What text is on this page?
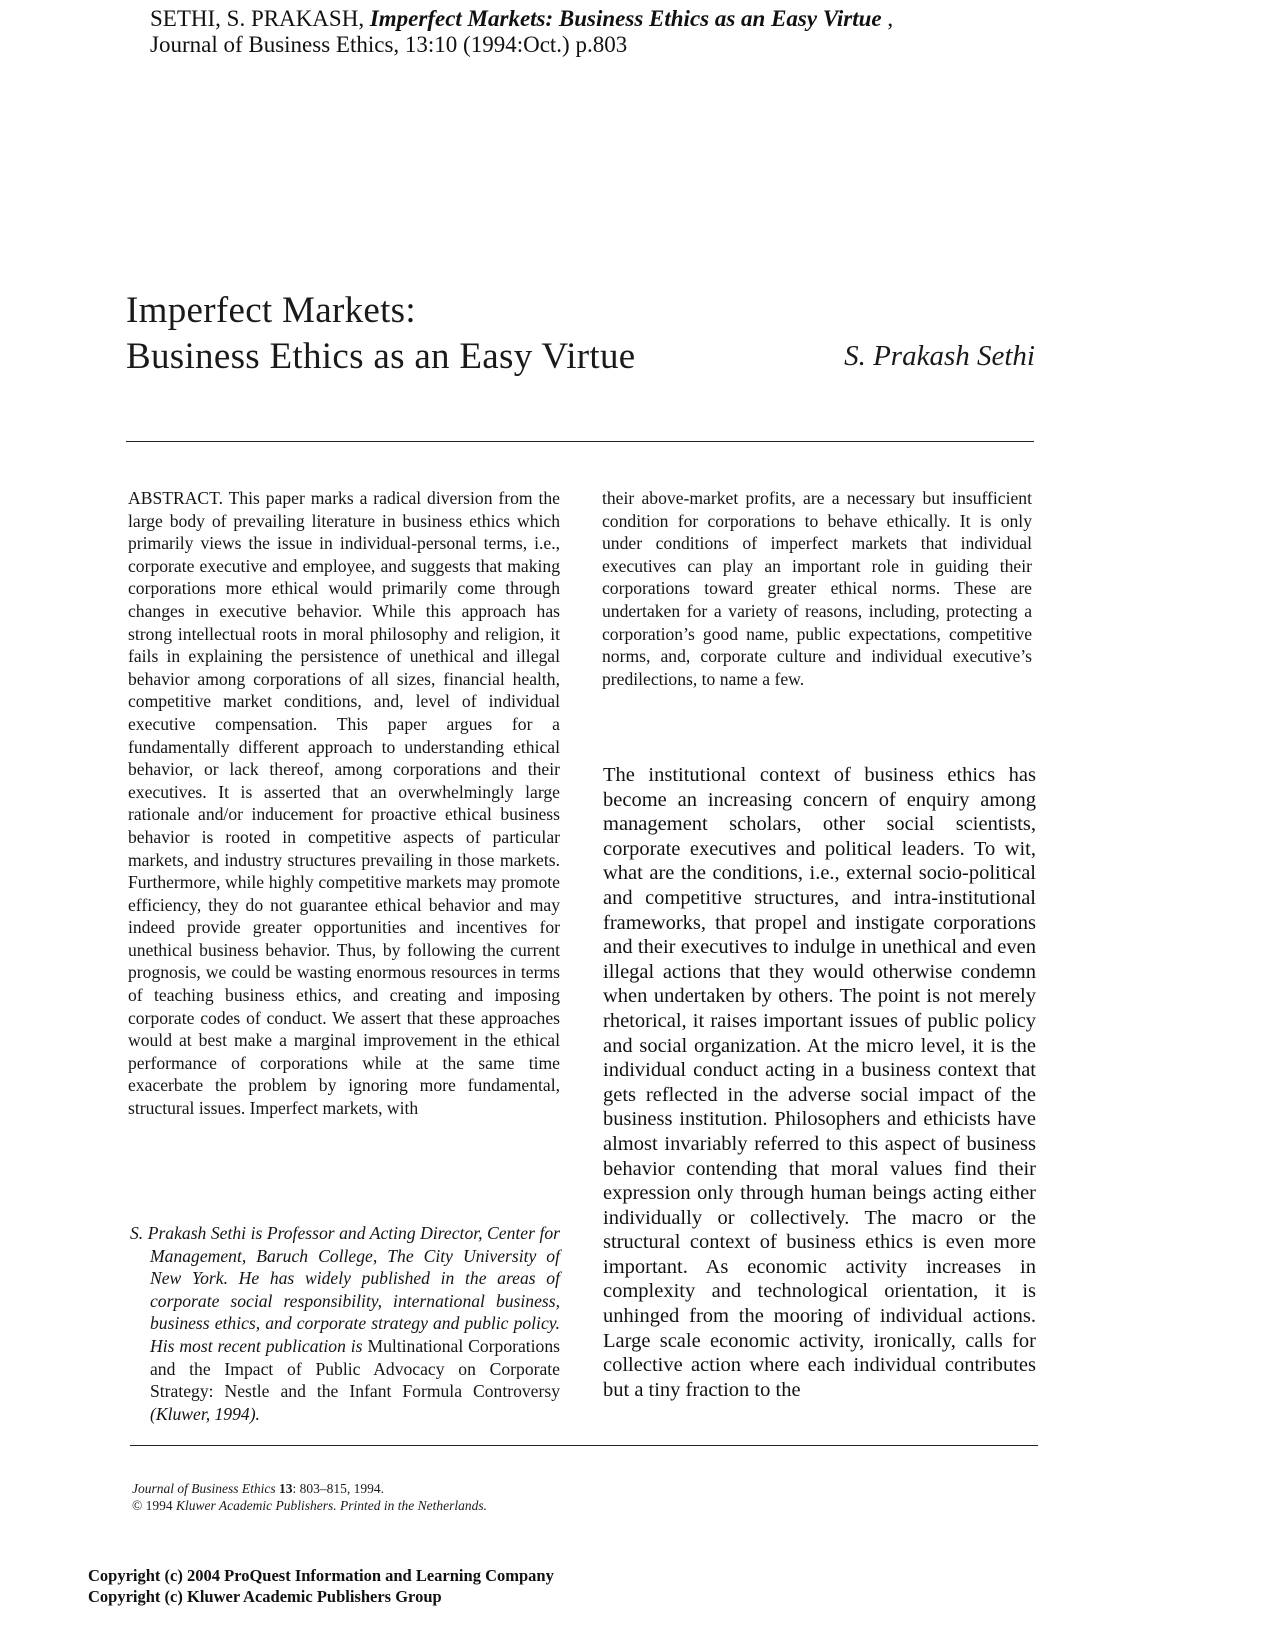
SETHI, S. PRAKASH, Imperfect Markets: Business Ethics as an Easy Virtue ,
Journal of Business Ethics, 13:10 (1994:Oct.) p.803
Imperfect Markets:
Business Ethics as an Easy Virtue	S. Prakash Sethi
ABSTRACT. This paper marks a radical diversion from the large body of prevailing literature in business ethics which primarily views the issue in individual-personal terms, i.e., corporate executive and employee, and suggests that making corporations more ethical would primarily come through changes in executive behavior. While this approach has strong intellectual roots in moral philosophy and religion, it fails in explaining the persistence of unethical and illegal behavior among corporations of all sizes, financial health, competitive market conditions, and, level of individual executive compensation. This paper argues for a fundamentally different approach to understanding ethical behavior, or lack thereof, among corporations and their executives. It is asserted that an overwhelmingly large rationale and/or inducement for proactive ethical business behavior is rooted in competitive aspects of particular markets, and industry structures prevailing in those markets. Furthermore, while highly competitive markets may promote efficiency, they do not guarantee ethical behavior and may indeed provide greater opportunities and incentives for unethical business behavior. Thus, by following the current prognosis, we could be wasting enormous resources in terms of teaching business ethics, and creating and imposing corporate codes of conduct. We assert that these approaches would at best make a marginal improvement in the ethical performance of corporations while at the same time exacerbate the problem by ignoring more fundamental, structural issues. Imperfect markets, with
S. Prakash Sethi is Professor and Acting Director, Center for Management, Baruch College, The City University of New York. He has widely published in the areas of corporate social responsibility, international business, business ethics, and corporate strategy and public policy. His most recent publication is Multinational Corporations and the Impact of Public Advocacy on Corporate Strategy: Nestle and the Infant Formula Controversy (Kluwer, 1994).
their above-market profits, are a necessary but insufficient condition for corporations to behave ethically. It is only under conditions of imperfect markets that individual executives can play an important role in guiding their corporations toward greater ethical norms. These are undertaken for a variety of reasons, including, protecting a corporation’s good name, public expectations, competitive norms, and, corporate culture and individual executive’s predilections, to name a few.
The institutional context of business ethics has become an increasing concern of enquiry among management scholars, other social scientists, corporate executives and political leaders. To wit, what are the conditions, i.e., external socio-political and competitive structures, and intra-institutional frameworks, that propel and instigate corporations and their executives to indulge in unethical and even illegal actions that they would otherwise condemn when undertaken by others. The point is not merely rhetorical, it raises important issues of public policy and social organization. At the micro level, it is the individual conduct acting in a business context that gets reflected in the adverse social impact of the business institution. Philosophers and ethicists have almost invariably referred to this aspect of business behavior contending that moral values find their expression only through human beings acting either individually or collectively. The macro or the structural context of business ethics is even more important. As economic activity increases in complexity and technological orientation, it is unhinged from the mooring of individual actions. Large scale economic activity, ironically, calls for collective action where each individual contributes but a tiny fraction to the
Journal of Business Ethics 13: 803–815, 1994.
© 1994 Kluwer Academic Publishers. Printed in the Netherlands.
Copyright (c) 2004 ProQuest Information and Learning Company
Copyright (c) Kluwer Academic Publishers Group
